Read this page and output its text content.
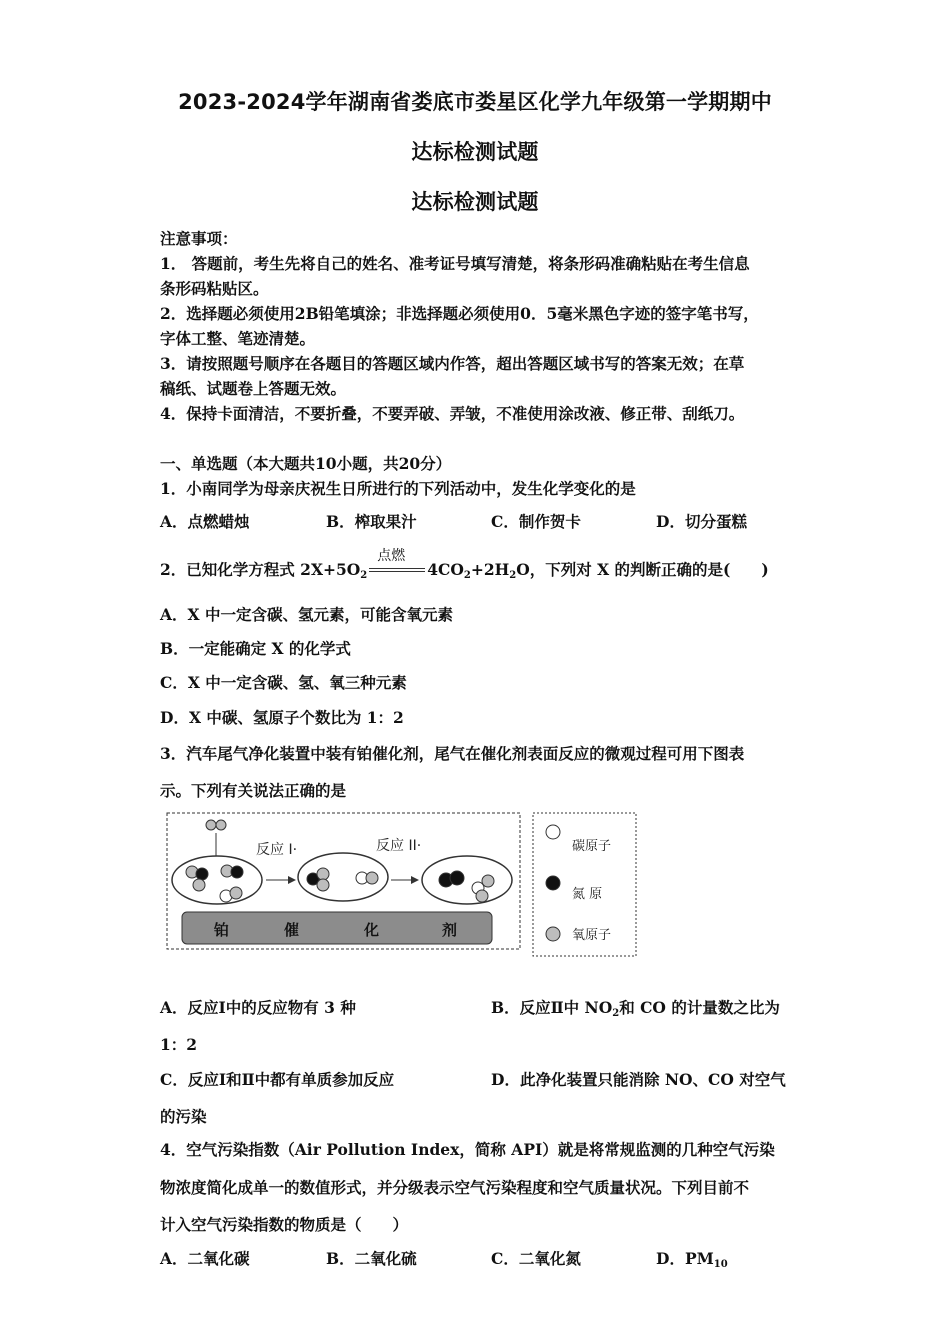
2023-2024学年湖南省娄底市娄星区化学九年级第一学期期中
达标检测试题
达标检测试题
注意事项：
1． 答题前，考生先将自己的姓名、准考证号填写清楚，将条形码准确粘贴在考生信息
条形码粘贴区。
2．选择题必须使用2B铅笔填涂；非选择题必须使用0．5毫米黑色字迹的签字笔书写，
字体工整、笔迹清楚。
3．请按照题号顺序在各题目的答题区域内作答，超出答题区域书写的答案无效；在草
稿纸、试题卷上答题无效。
4．保持卡面清洁，不要折叠，不要弄破、弄皱，不准使用涂改液、修正带、刮纸刀。
一、单选题（本大题共10小题，共20分）
1．小南同学为母亲庆祝生日所进行的下列活动中，发生化学变化的是
A．点燃蜡烛	B．榨取果汁	C．制作贺卡	D．切分蛋糕
2．已知化学方程式 $2X+5O_2$
点燃
$4CO_2+2H_2O$，下列对 X 的判断正确的是(　　)
A．X 中一定含碳、氢元素，可能含氧元素
B．一定能确定 X 的化学式
C．X 中一定含碳、氢、氧三种元素
D．X 中碳、氢原子个数比为 1：2
3．汽车尾气净化装置中装有铂催化剂，尾气在催化剂表面反应的微观过程可用下图表
示。下列有关说法正确的是
反应 I·	反应 II·
铂	催	化	剂
碳原子
氮 原
氧原子
A．反应Ⅰ中的反应物有 3 种	B．反应Ⅱ中 $NO_2$和 CO 的计量数之比为
1：2
C．反应Ⅰ和Ⅱ中都有单质参加反应	D．此净化装置只能消除 NO、CO 对空气
的污染
4．空气污染指数（Air Pollution Index，简称 API）就是将常规监测的几种空气污染
物浓度简化成单一的数值形式，并分级表示空气污染程度和空气质量状况。下列目前不
计入空气污染指数的物质是（　　）
A．二氧化碳	B．二氧化硫	C．二氧化氮	D．$PM_{10}$
